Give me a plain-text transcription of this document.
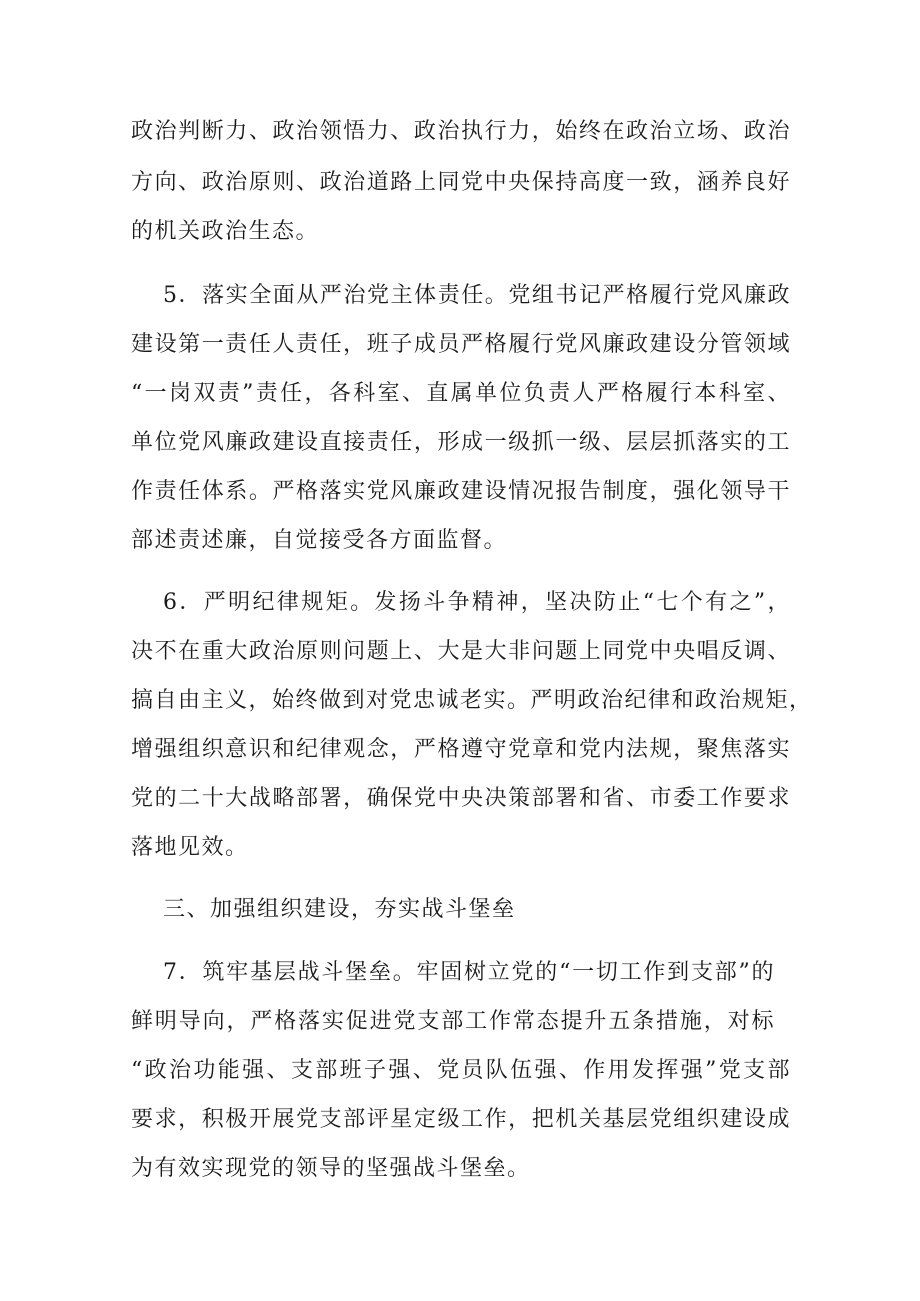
政治判断力、政治领悟力、政治执行力，始终在政治立场、政治
方向、政治原则、政治道路上同党中央保持高度一致，涵养良好
的机关政治生态。
5．落实全面从严治党主体责任。党组书记严格履行党风廉政
建设第一责任人责任，班子成员严格履行党风廉政建设分管领域
“一岗双责”责任，各科室、直属单位负责人严格履行本科室、
单位党风廉政建设直接责任，形成一级抓一级、层层抓落实的工
作责任体系。严格落实党风廉政建设情况报告制度，强化领导干
部述责述廉，自觉接受各方面监督。
6．严明纪律规矩。发扬斗争精神，坚决防止“七个有之”，
决不在重大政治原则问题上、大是大非问题上同党中央唱反调、
搞自由主义，始终做到对党忠诚老实。严明政治纪律和政治规矩，
增强组织意识和纪律观念，严格遵守党章和党内法规，聚焦落实
党的二十大战略部署，确保党中央决策部署和省、市委工作要求
落地见效。
三、加强组织建设，夯实战斗堡垒
7．筑牢基层战斗堡垒。牢固树立党的“一切工作到支部”的
鲜明导向，严格落实促进党支部工作常态提升五条措施，对标
“政治功能强、支部班子强、党员队伍强、作用发挥强”党支部
要求，积极开展党支部评星定级工作，把机关基层党组织建设成
为有效实现党的领导的坚强战斗堡垒。
